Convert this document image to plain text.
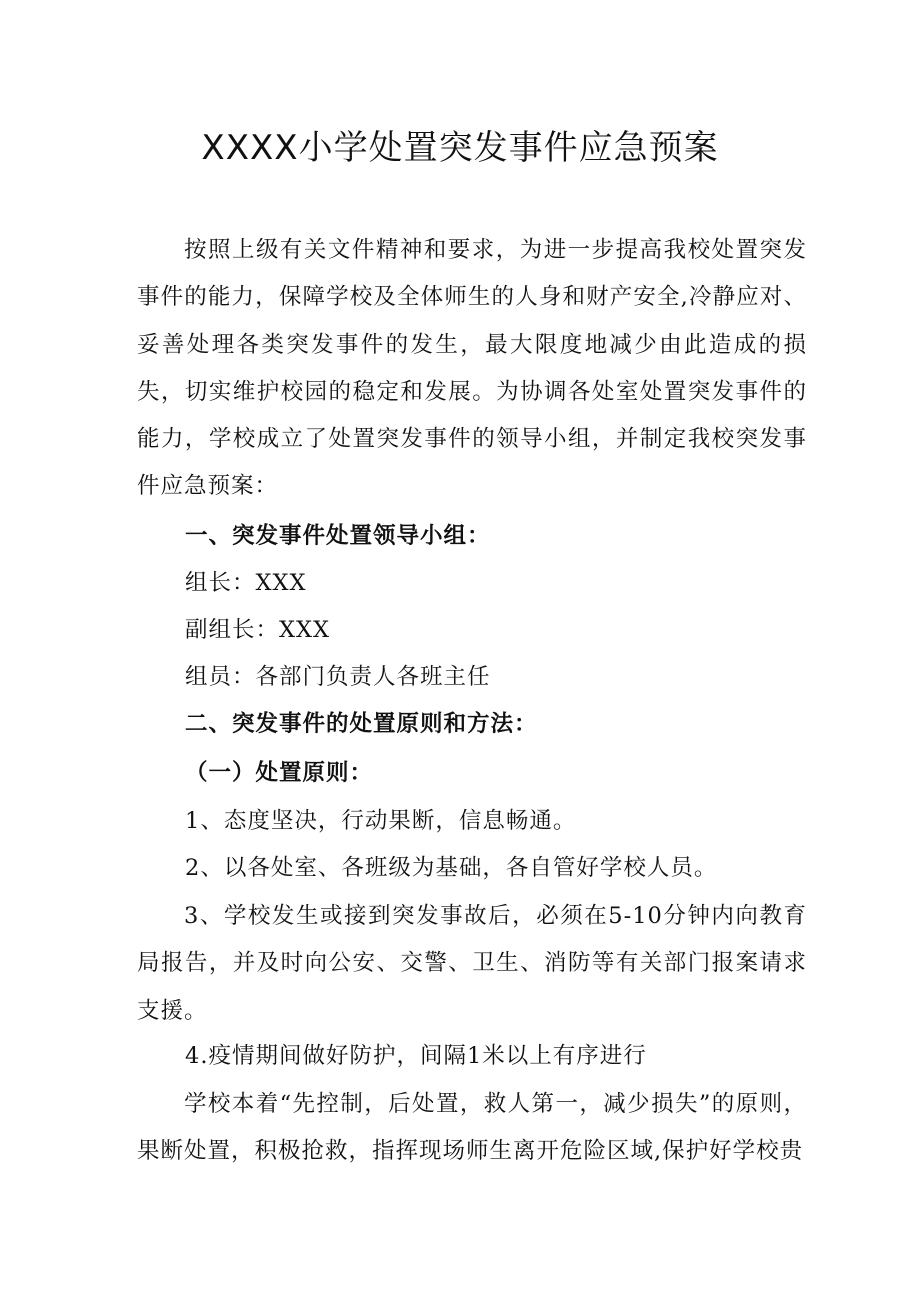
XXXX小学处置突发事件应急预案
按照上级有关文件精神和要求，为进一步提高我校处置突发事件的能力，保障学校及全体师生的人身和财产安全,冷静应对、妥善处理各类突发事件的发生，最大限度地减少由此造成的损失，切实维护校园的稳定和发展。为协调各处室处置突发事件的能力，学校成立了处置突发事件的领导小组，并制定我校突发事件应急预案：
一、突发事件处置领导小组：
组长：XXX
副组长：XXX
组员：各部门负责人各班主任
二、突发事件的处置原则和方法：
（一）处置原则：
1、态度坚决，行动果断，信息畅通。
2、以各处室、各班级为基础，各自管好学校人员。
3、学校发生或接到突发事故后，必须在5-10分钟内向教育局报告，并及时向公安、交警、卫生、消防等有关部门报案请求支援。
4.疫情期间做好防护，间隔1米以上有序进行
学校本着“先控制，后处置，救人第一，减少损失”的原则，果断处置，积极抢救，指挥现场师生离开危险区域,保护好学校贵
